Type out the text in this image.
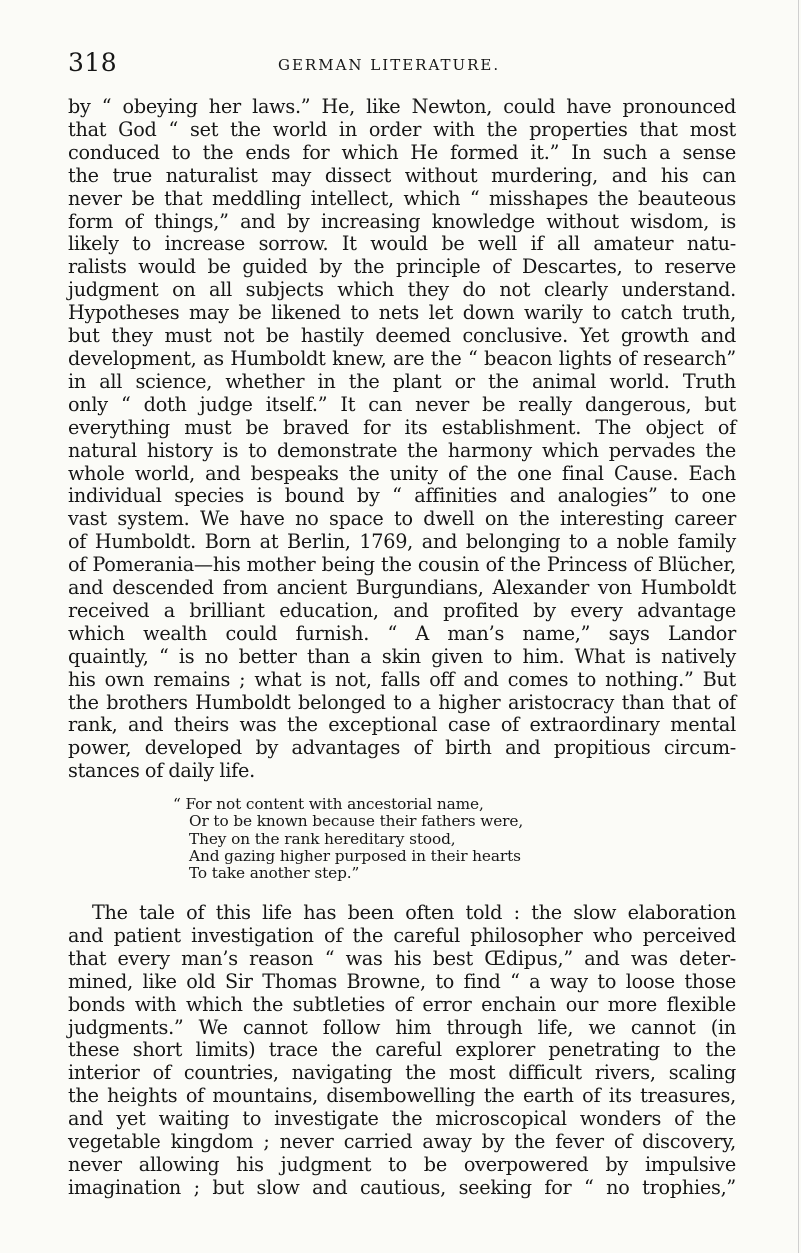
318	GERMAN LITERATURE.
by “ obeying her laws.” He, like Newton, could have pronounced
that God “ set the world in order with the properties that most
conduced to the ends for which He formed it.” In such a sense
the true naturalist may dissect without murdering, and his can
never be that meddling intellect, which “ misshapes the beauteous
form of things,” and by increasing knowledge without wisdom, is
likely to increase sorrow. It would be well if all amateur natu-
ralists would be guided by the principle of Descartes, to reserve
judgment on all subjects which they do not clearly understand.
Hypotheses may be likened to nets let down warily to catch truth,
but they must not be hastily deemed conclusive. Yet growth and
development, as Humboldt knew, are the “ beacon lights of research”
in all science, whether in the plant or the animal world. Truth
only “ doth judge itself.” It can never be really dangerous, but
everything must be braved for its establishment. The object of
natural history is to demonstrate the harmony which pervades the
whole world, and bespeaks the unity of the one final Cause. Each
individual species is bound by “ affinities and analogies” to one
vast system. We have no space to dwell on the interesting career
of Humboldt. Born at Berlin, 1769, and belonging to a noble family
of Pomerania—his mother being the cousin of the Princess of Blücher,
and descended from ancient Burgundians, Alexander von Humboldt
received a brilliant education, and profited by every advantage
which wealth could furnish. “ A man’s name,” says Landor
quaintly, “ is no better than a skin given to him. What is natively
his own remains ; what is not, falls off and comes to nothing.” But
the brothers Humboldt belonged to a higher aristocracy than that of
rank, and theirs was the exceptional case of extraordinary mental
power, developed by advantages of birth and propitious circum-
stances of daily life.
“ For not content with ancestorial name,
Or to be known because their fathers were,
They on the rank hereditary stood,
And gazing higher purposed in their hearts
To take another step.”
The tale of this life has been often told : the slow elaboration
and patient investigation of the careful philosopher who perceived
that every man’s reason “ was his best Œdipus,” and was deter-
mined, like old Sir Thomas Browne, to find “ a way to loose those
bonds with which the subtleties of error enchain our more flexible
judgments.” We cannot follow him through life, we cannot (in
these short limits) trace the careful explorer penetrating to the
interior of countries, navigating the most difficult rivers, scaling
the heights of mountains, disembowelling the earth of its treasures,
and yet waiting to investigate the microscopical wonders of the
vegetable kingdom ; never carried away by the fever of discovery,
never allowing his judgment to be overpowered by impulsive
imagination ; but slow and cautious, seeking for “ no trophies,”
